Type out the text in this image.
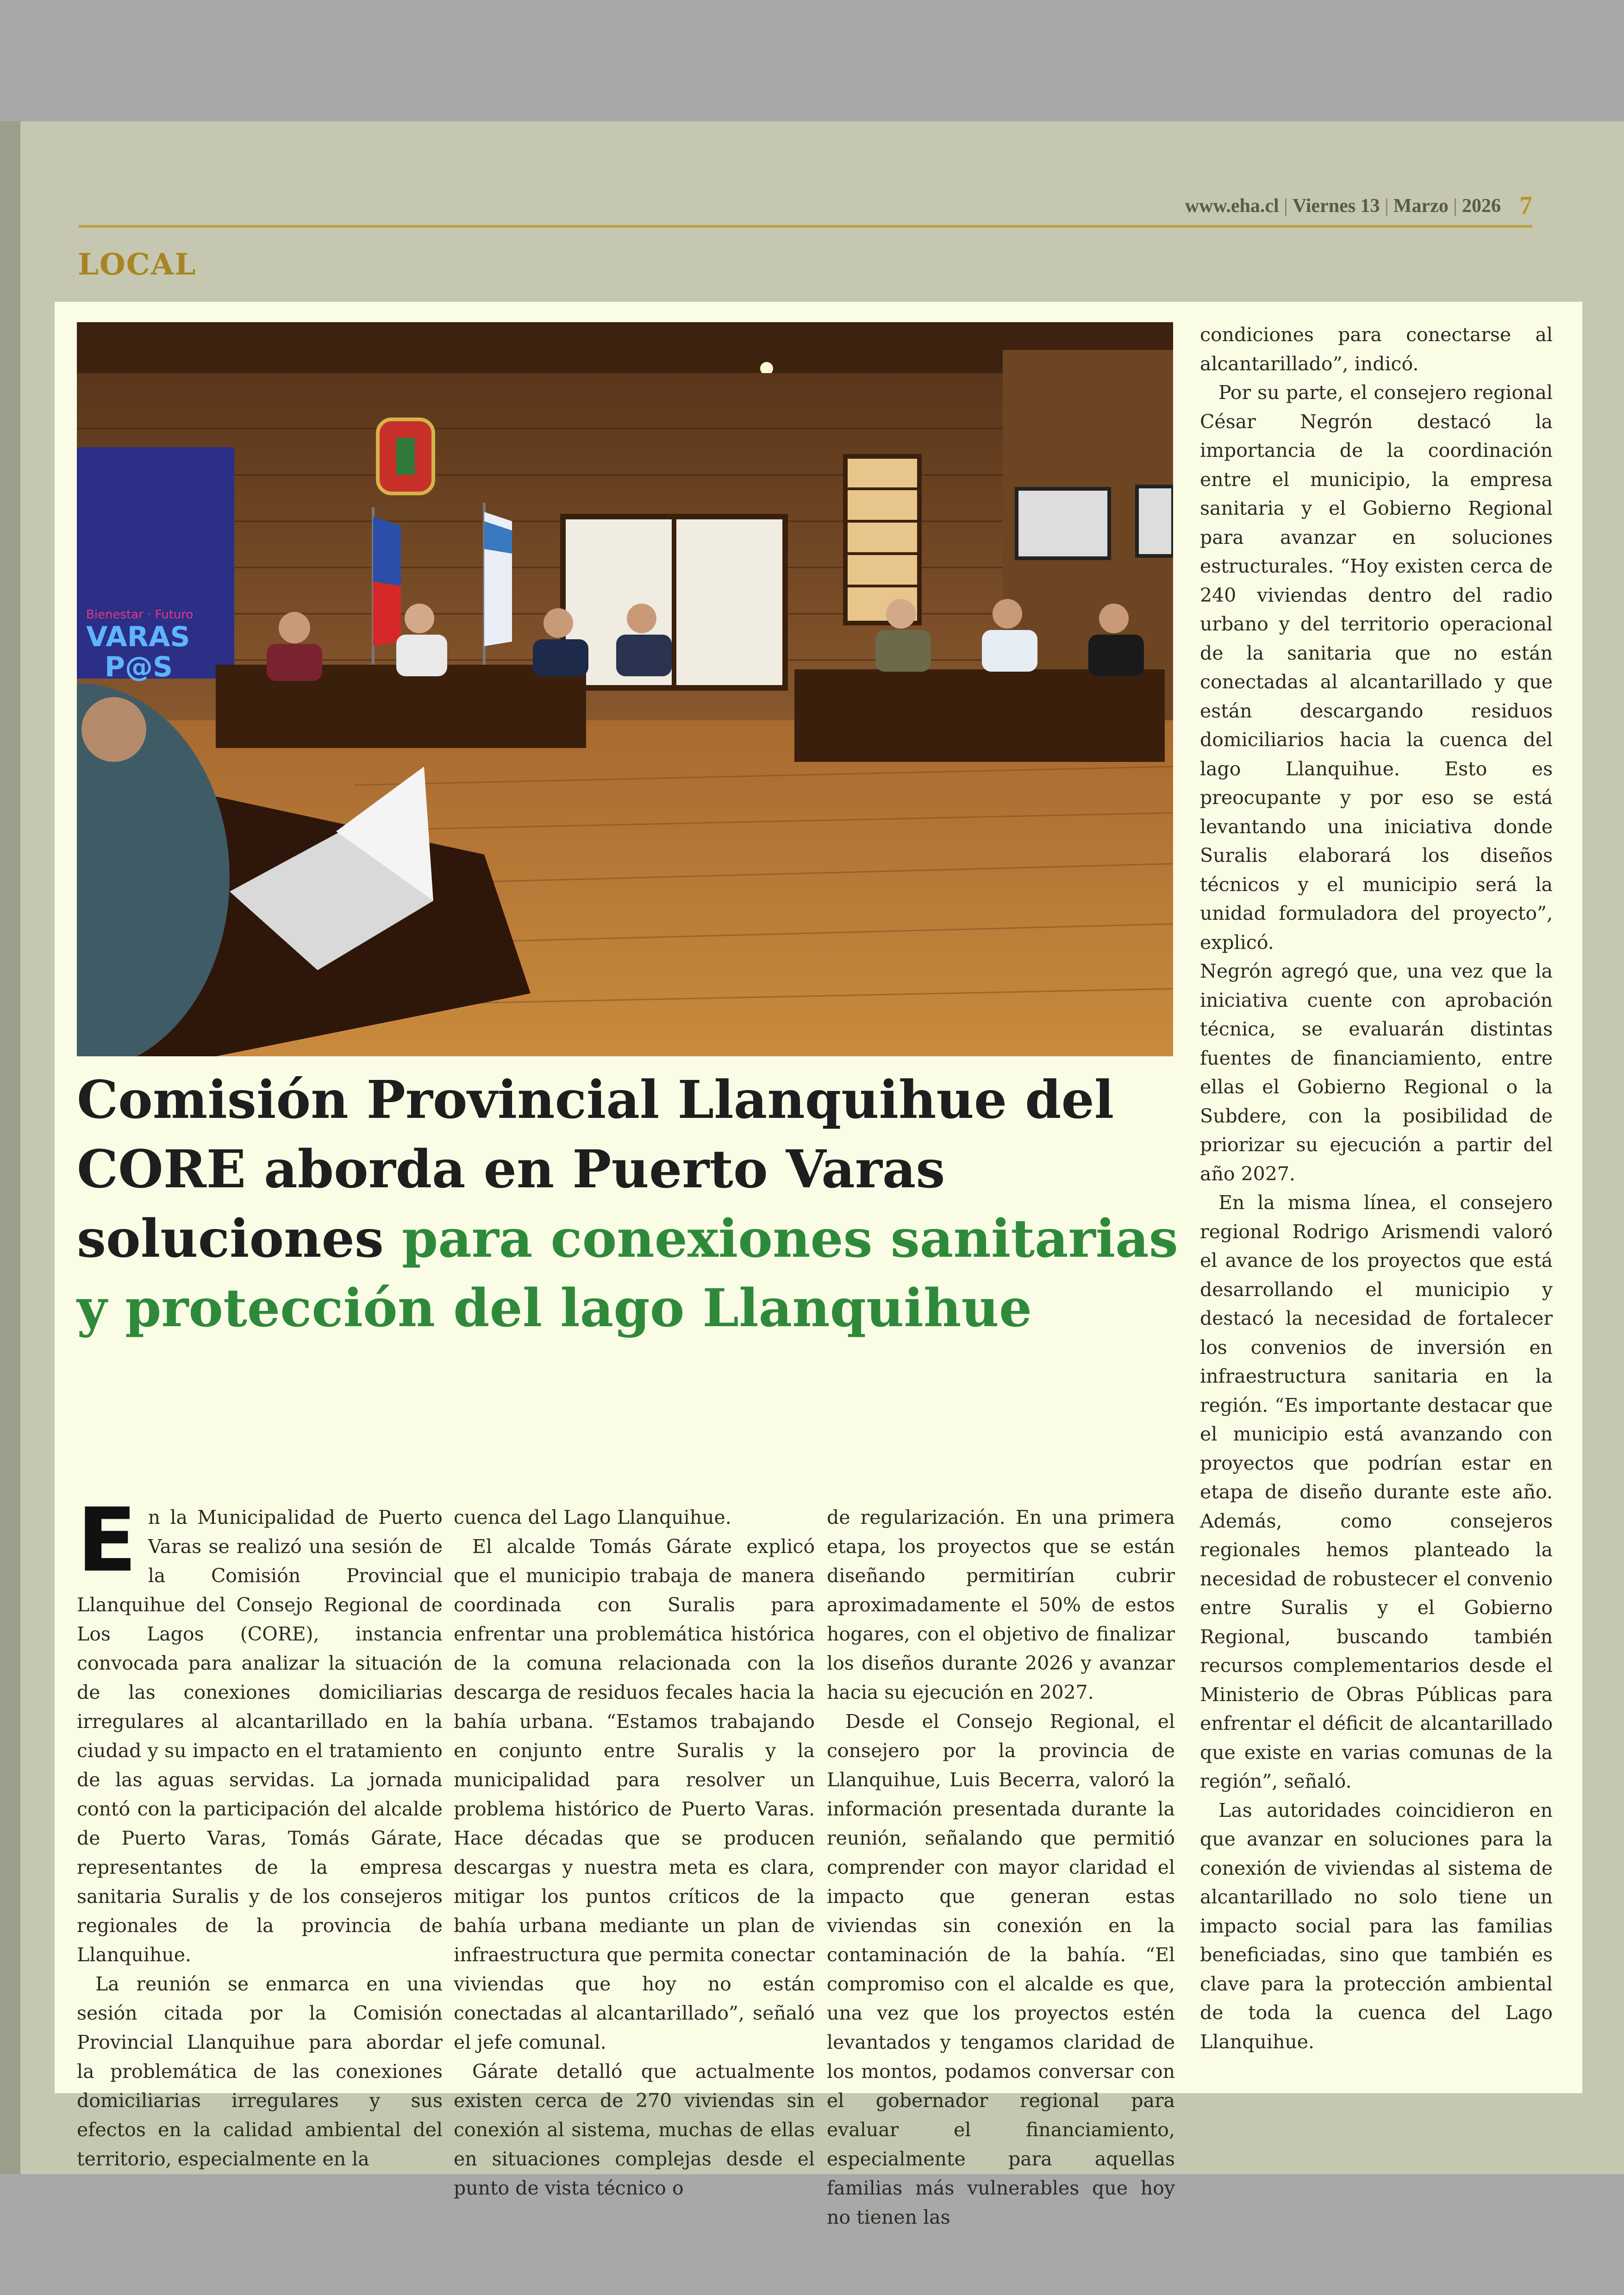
www.eha.cl | Viernes 13 | Marzo | 2026 7
LOCAL
Bienestar · Futuro
VARAS
P@S
Comisión Provincial Llanquihue del CORE aborda en Puerto Varas soluciones para conexiones sanitarias y protección del lago Llanquihue

En la Municipalidad de Puerto Varas se realizó una sesión de la Comisión Provincial Llanquihue del Consejo Regional de Los Lagos (CORE), instancia convocada para analizar la situación de las conexiones domiciliarias irregulares al alcantarillado en la ciudad y su impacto en el tratamiento de las aguas servidas. La jornada contó con la participación del alcalde de Puerto Varas, Tomás Gárate, representantes de la empresa sanitaria Suralis y de los consejeros regionales de la provincia de Llanquihue.

La reunión se enmarca en una sesión citada por la Comisión Provincial Llanquihue para abordar la problemática de las conexiones domiciliarias irregulares y sus efectos en la calidad ambiental del territorio, especialmente en la

cuenca del Lago Llanquihue.

El alcalde Tomás Gárate explicó que el municipio trabaja de manera coordinada con Suralis para enfrentar una problemática histórica de la comuna relacionada con la descarga de residuos fecales hacia la bahía urbana. “Estamos trabajando en conjunto entre Suralis y la municipalidad para resolver un problema histórico de Puerto Varas. Hace décadas que se producen descargas y nuestra meta es clara, mitigar los puntos críticos de la bahía urbana mediante un plan de infraestructura que permita conectar viviendas que hoy no están conectadas al alcantarillado”, señaló el jefe comunal.

Gárate detalló que actualmente existen cerca de 270 viviendas sin conexión al sistema, muchas de ellas en situaciones complejas desde el punto de vista técnico o

de regularización. En una primera etapa, los proyectos que se están diseñando permitirían cubrir aproximadamente el 50% de estos hogares, con el objetivo de finalizar los diseños durante 2026 y avanzar hacia su ejecución en 2027.

Desde el Consejo Regional, el consejero por la provincia de Llanquihue, Luis Becerra, valoró la información presentada durante la reunión, señalando que permitió comprender con mayor claridad el impacto que generan estas viviendas sin conexión en la contaminación de la bahía. “El compromiso con el alcalde es que, una vez que los proyectos estén levantados y tengamos claridad de los montos, podamos conversar con el gobernador regional para evaluar el financiamiento, especialmente para aquellas familias más vulnerables que hoy no tienen las

condiciones para conectarse al alcantarillado”, indicó.

Por su parte, el consejero regional César Negrón destacó la importancia de la coordinación entre el municipio, la empresa sanitaria y el Gobierno Regional para avanzar en soluciones estructurales. “Hoy existen cerca de 240 viviendas dentro del radio urbano y del territorio operacional de la sanitaria que no están conectadas al alcantarillado y que están descargando residuos domiciliarios hacia la cuenca del lago Llanquihue. Esto es preocupante y por eso se está levantando una iniciativa donde Suralis elaborará los diseños técnicos y el municipio será la unidad formuladora del proyecto”, explicó.

Negrón agregó que, una vez que la iniciativa cuente con aprobación técnica, se evaluarán distintas fuentes de financiamiento, entre ellas el Gobierno Regional o la Subdere, con la posibilidad de priorizar su ejecución a partir del año 2027.

En la misma línea, el consejero regional Rodrigo Arismendi valoró el avance de los proyectos que está desarrollando el municipio y destacó la necesidad de fortalecer los convenios de inversión en infraestructura sanitaria en la región. “Es importante destacar que el municipio está avanzando con proyectos que podrían estar en etapa de diseño durante este año. Además, como consejeros regionales hemos planteado la necesidad de robustecer el convenio entre Suralis y el Gobierno Regional, buscando también recursos complementarios desde el Ministerio de Obras Públicas para enfrentar el déficit de alcantarillado que existe en varias comunas de la región”, señaló.

Las autoridades coincidieron en que avanzar en soluciones para la conexión de viviendas al sistema de alcantarillado no solo tiene un impacto social para las familias beneficiadas, sino que también es clave para la protección ambiental de toda la cuenca del Lago Llanquihue.
